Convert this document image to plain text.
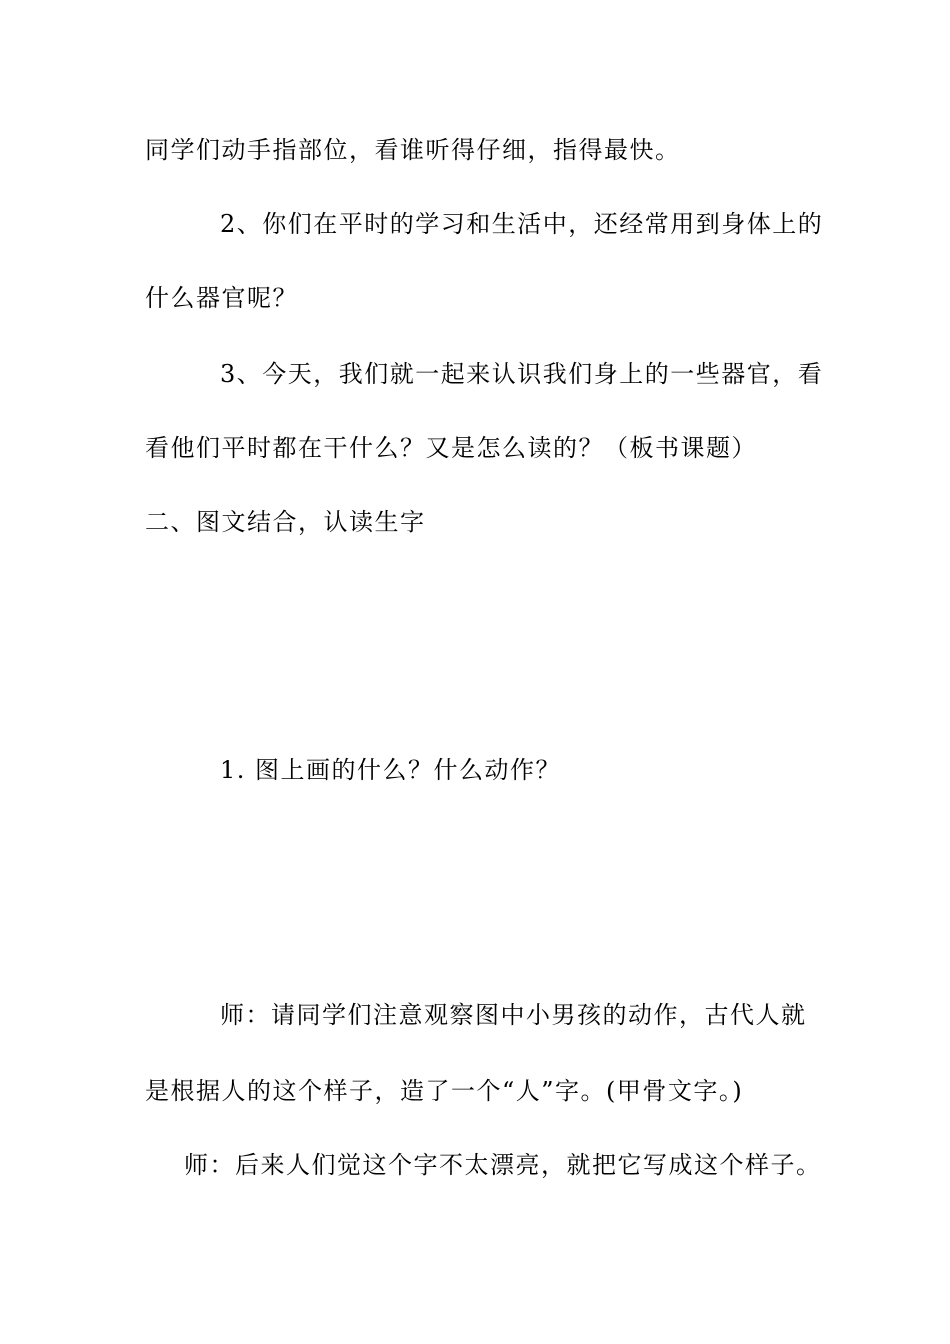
同学们动手指部位，看谁听得仔细，指得最快。

2、你们在平时的学习和生活中，还经常用到身体上的

什么器官呢？

3、今天，我们就一起来认识我们身上的一些器官，看

看他们平时都在干什么？又是怎么读的？（板书课题）

二、图文结合，认读生字

1. 图上画的什么？什么动作？

师：请同学们注意观察图中小男孩的动作，古代人就

是根据人的这个样子，造了一个“人”字。(甲骨文字。)

师：后来人们觉这个字不太漂亮，就把它写成这个样子。
